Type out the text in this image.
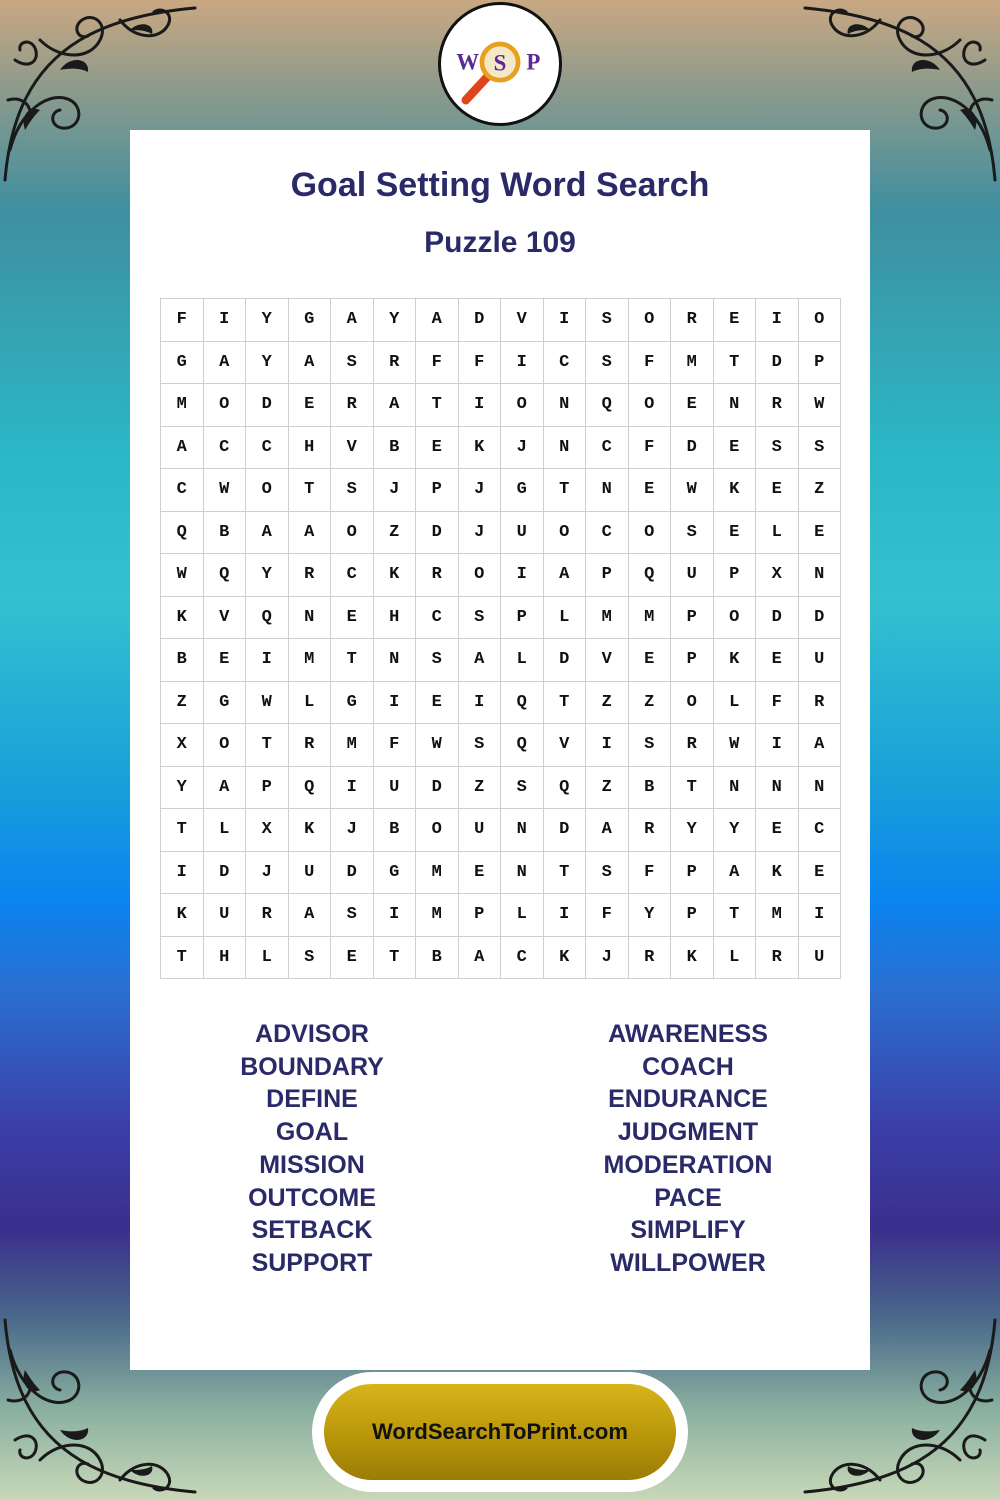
W S P
Goal Setting Word Search
Puzzle 109
F	I	Y	G	A	Y	A	D	V	I	S	O	R	E	I	O
G	A	Y	A	S	R	F	F	I	C	S	F	M	T	D	P
M	O	D	E	R	A	T	I	O	N	Q	O	E	N	R	W
A	C	C	H	V	B	E	K	J	N	C	F	D	E	S	S
C	W	O	T	S	J	P	J	G	T	N	E	W	K	E	Z
Q	B	A	A	O	Z	D	J	U	O	C	O	S	E	L	E
W	Q	Y	R	C	K	R	O	I	A	P	Q	U	P	X	N
K	V	Q	N	E	H	C	S	P	L	M	M	P	O	D	D
B	E	I	M	T	N	S	A	L	D	V	E	P	K	E	U
Z	G	W	L	G	I	E	I	Q	T	Z	Z	O	L	F	R
X	O	T	R	M	F	W	S	Q	V	I	S	R	W	I	A
Y	A	P	Q	I	U	D	Z	S	Q	Z	B	T	N	N	N
T	L	X	K	J	B	O	U	N	D	A	R	Y	Y	E	C
I	D	J	U	D	G	M	E	N	T	S	F	P	A	K	E
K	U	R	A	S	I	M	P	L	I	F	Y	P	T	M	I
T	H	L	S	E	T	B	A	C	K	J	R	K	L	R	U
ADVISOR
BOUNDARY
DEFINE
GOAL
MISSION
OUTCOME
SETBACK
SUPPORT
AWARENESS
COACH
ENDURANCE
JUDGMENT
MODERATION
PACE
SIMPLIFY
WILLPOWER
WordSearchToPrint.com
